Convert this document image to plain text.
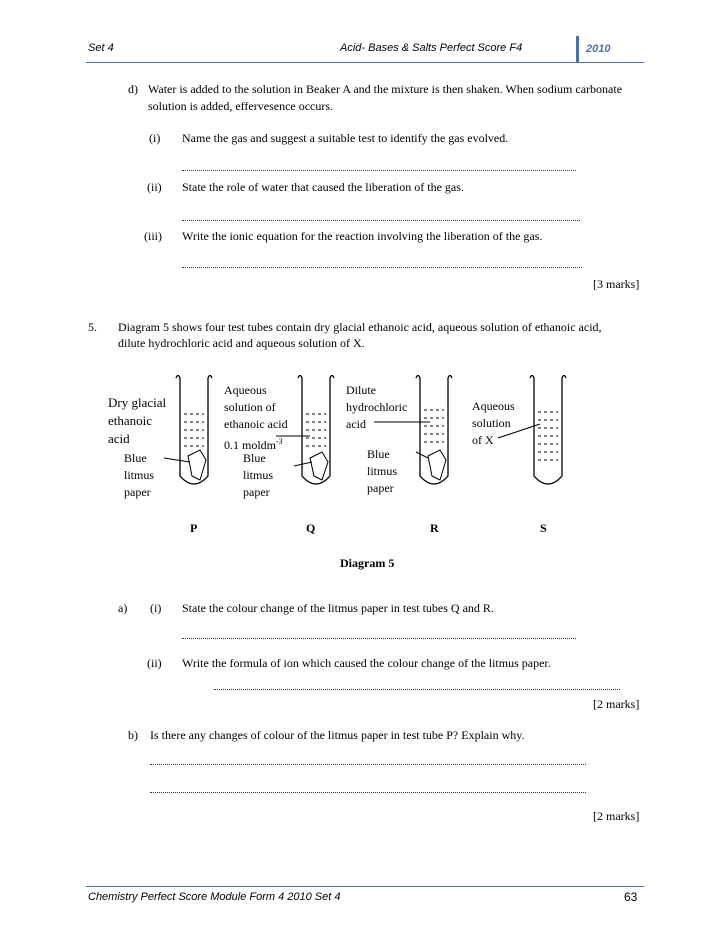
Set 4	Acid- Bases & Salts Perfect Score F4	2010
d) Water is added to the solution in Beaker A and the mixture is then shaken. When sodium carbonate
solution is added, effervesence occurs.
(i) Name the gas and suggest a suitable test to identify the gas evolved.
(ii) State the role of water that caused the liberation of the gas.
(iii) Write the ionic equation for the reaction involving the liberation of the gas.
[3 marks]
5. Diagram 5 shows four test tubes contain dry glacial ethanoic acid, aqueous solution of ethanoic acid,
dilute hydrochloric acid and aqueous solution of X.
Dry glacial
ethanoic
acid
Blue
litmus
paper
Aqueous
solution of
ethanoic acid
0.1 moldm$^{-3}$
Blue
litmus
paper
Dilute
hydrochloric
acid
Blue
litmus
paper
Aqueous
solution
of X
P	Q	R	S
Diagram 5
a) (i) State the colour change of the litmus paper in test tubes Q and R.
(ii) Write the formula of ion which caused the colour change of the litmus paper.
[2 marks]
b) Is there any changes of colour of the litmus paper in test tube P? Explain why.
[2 marks]
Chemistry Perfect Score Module Form 4 2010 Set 4	63
